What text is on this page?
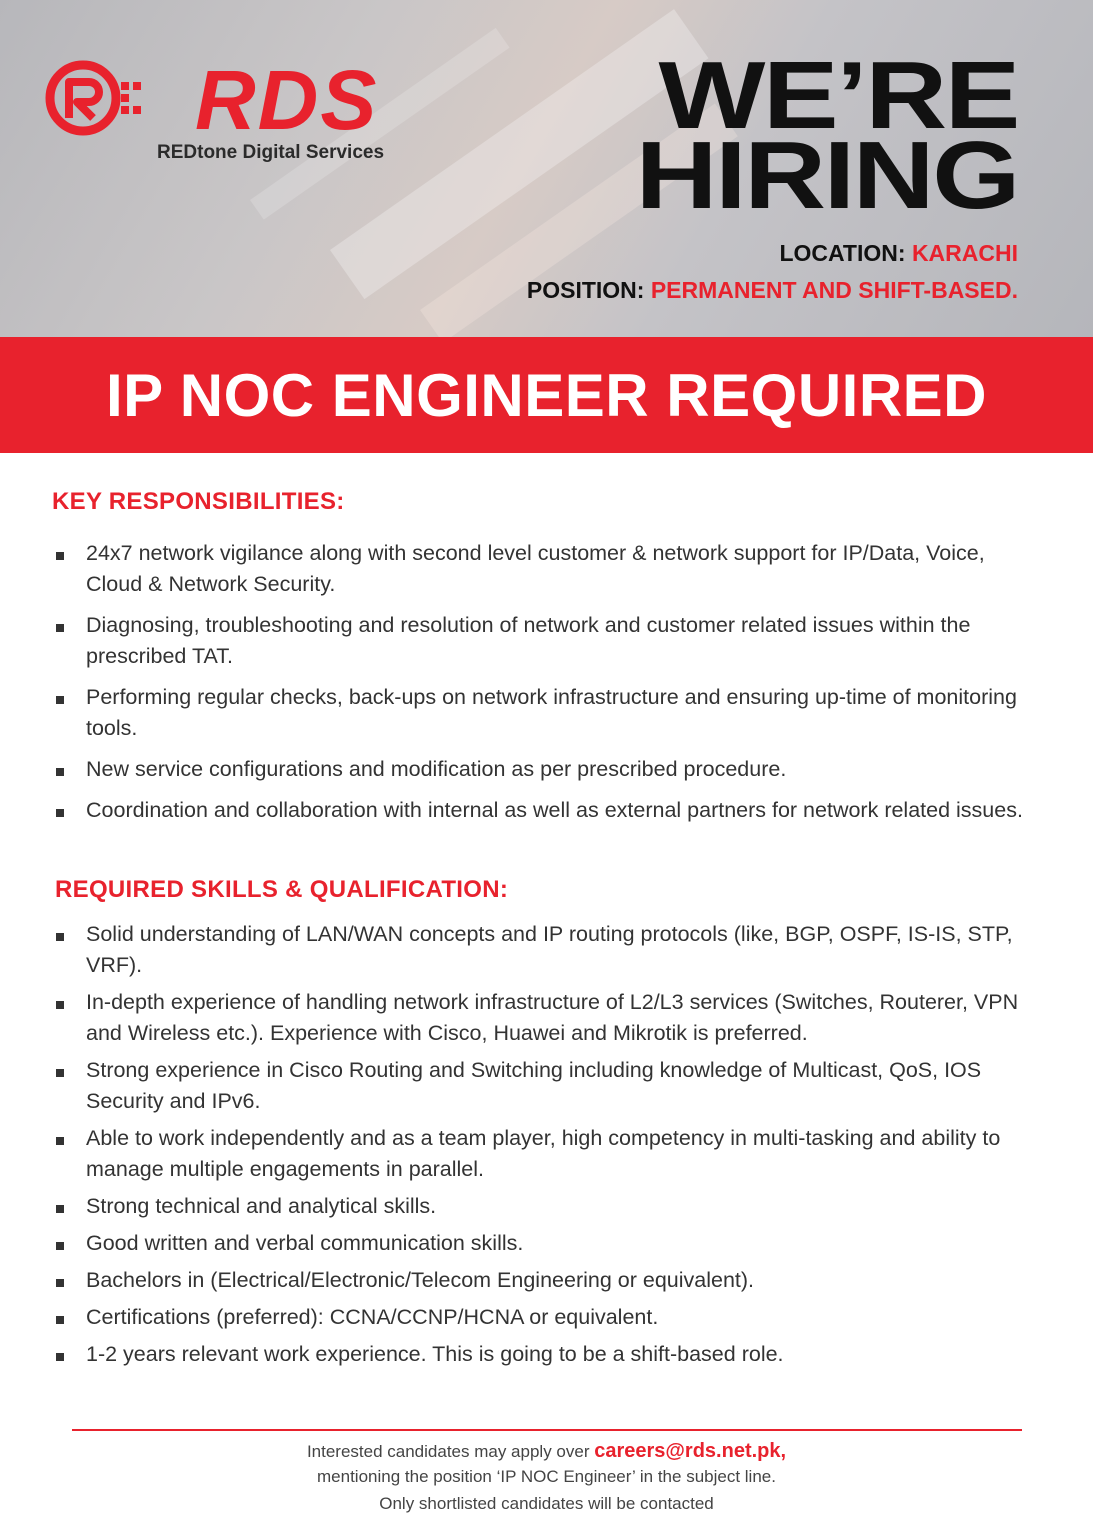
RDS
REDtone Digital Services
WE’RE
HIRING
LOCATION: KARACHI
POSITION: PERMANENT AND SHIFT-BASED.
IP NOC ENGINEER REQUIRED
KEY RESPONSIBILITIES:
24x7 network vigilance along with second level customer & network support for IP/Data, Voice, Cloud & Network Security.
Diagnosing, troubleshooting and resolution of network and customer related issues within the prescribed TAT.
Performing regular checks, back-ups on network infrastructure and ensuring up-time of monitoring tools.
New service configurations and modification as per prescribed procedure.
Coordination and collaboration with internal as well as external partners for network related issues.
REQUIRED SKILLS & QUALIFICATION:
Solid understanding of LAN/WAN concepts and IP routing protocols (like, BGP, OSPF, IS-IS, STP, VRF).
In-depth experience of handling network infrastructure of L2/L3 services (Switches, Routerer, VPN and Wireless etc.). Experience with Cisco, Huawei and Mikrotik is preferred.
Strong experience in Cisco Routing and Switching including knowledge of Multicast, QoS, IOS Security and IPv6.
Able to work independently and as a team player, high competency in multi-tasking and ability to manage multiple engagements in parallel.
Strong technical and analytical skills.
Good written and verbal communication skills.
Bachelors in (Electrical/Electronic/Telecom Engineering or equivalent).
Certifications (preferred): CCNA/CCNP/HCNA or equivalent.
1-2 years relevant work experience. This is going to be a shift-based role.
Interested candidates may apply over careers@rds.net.pk,
mentioning the position ‘IP NOC Engineer’ in the subject line.
Only shortlisted candidates will be contacted
